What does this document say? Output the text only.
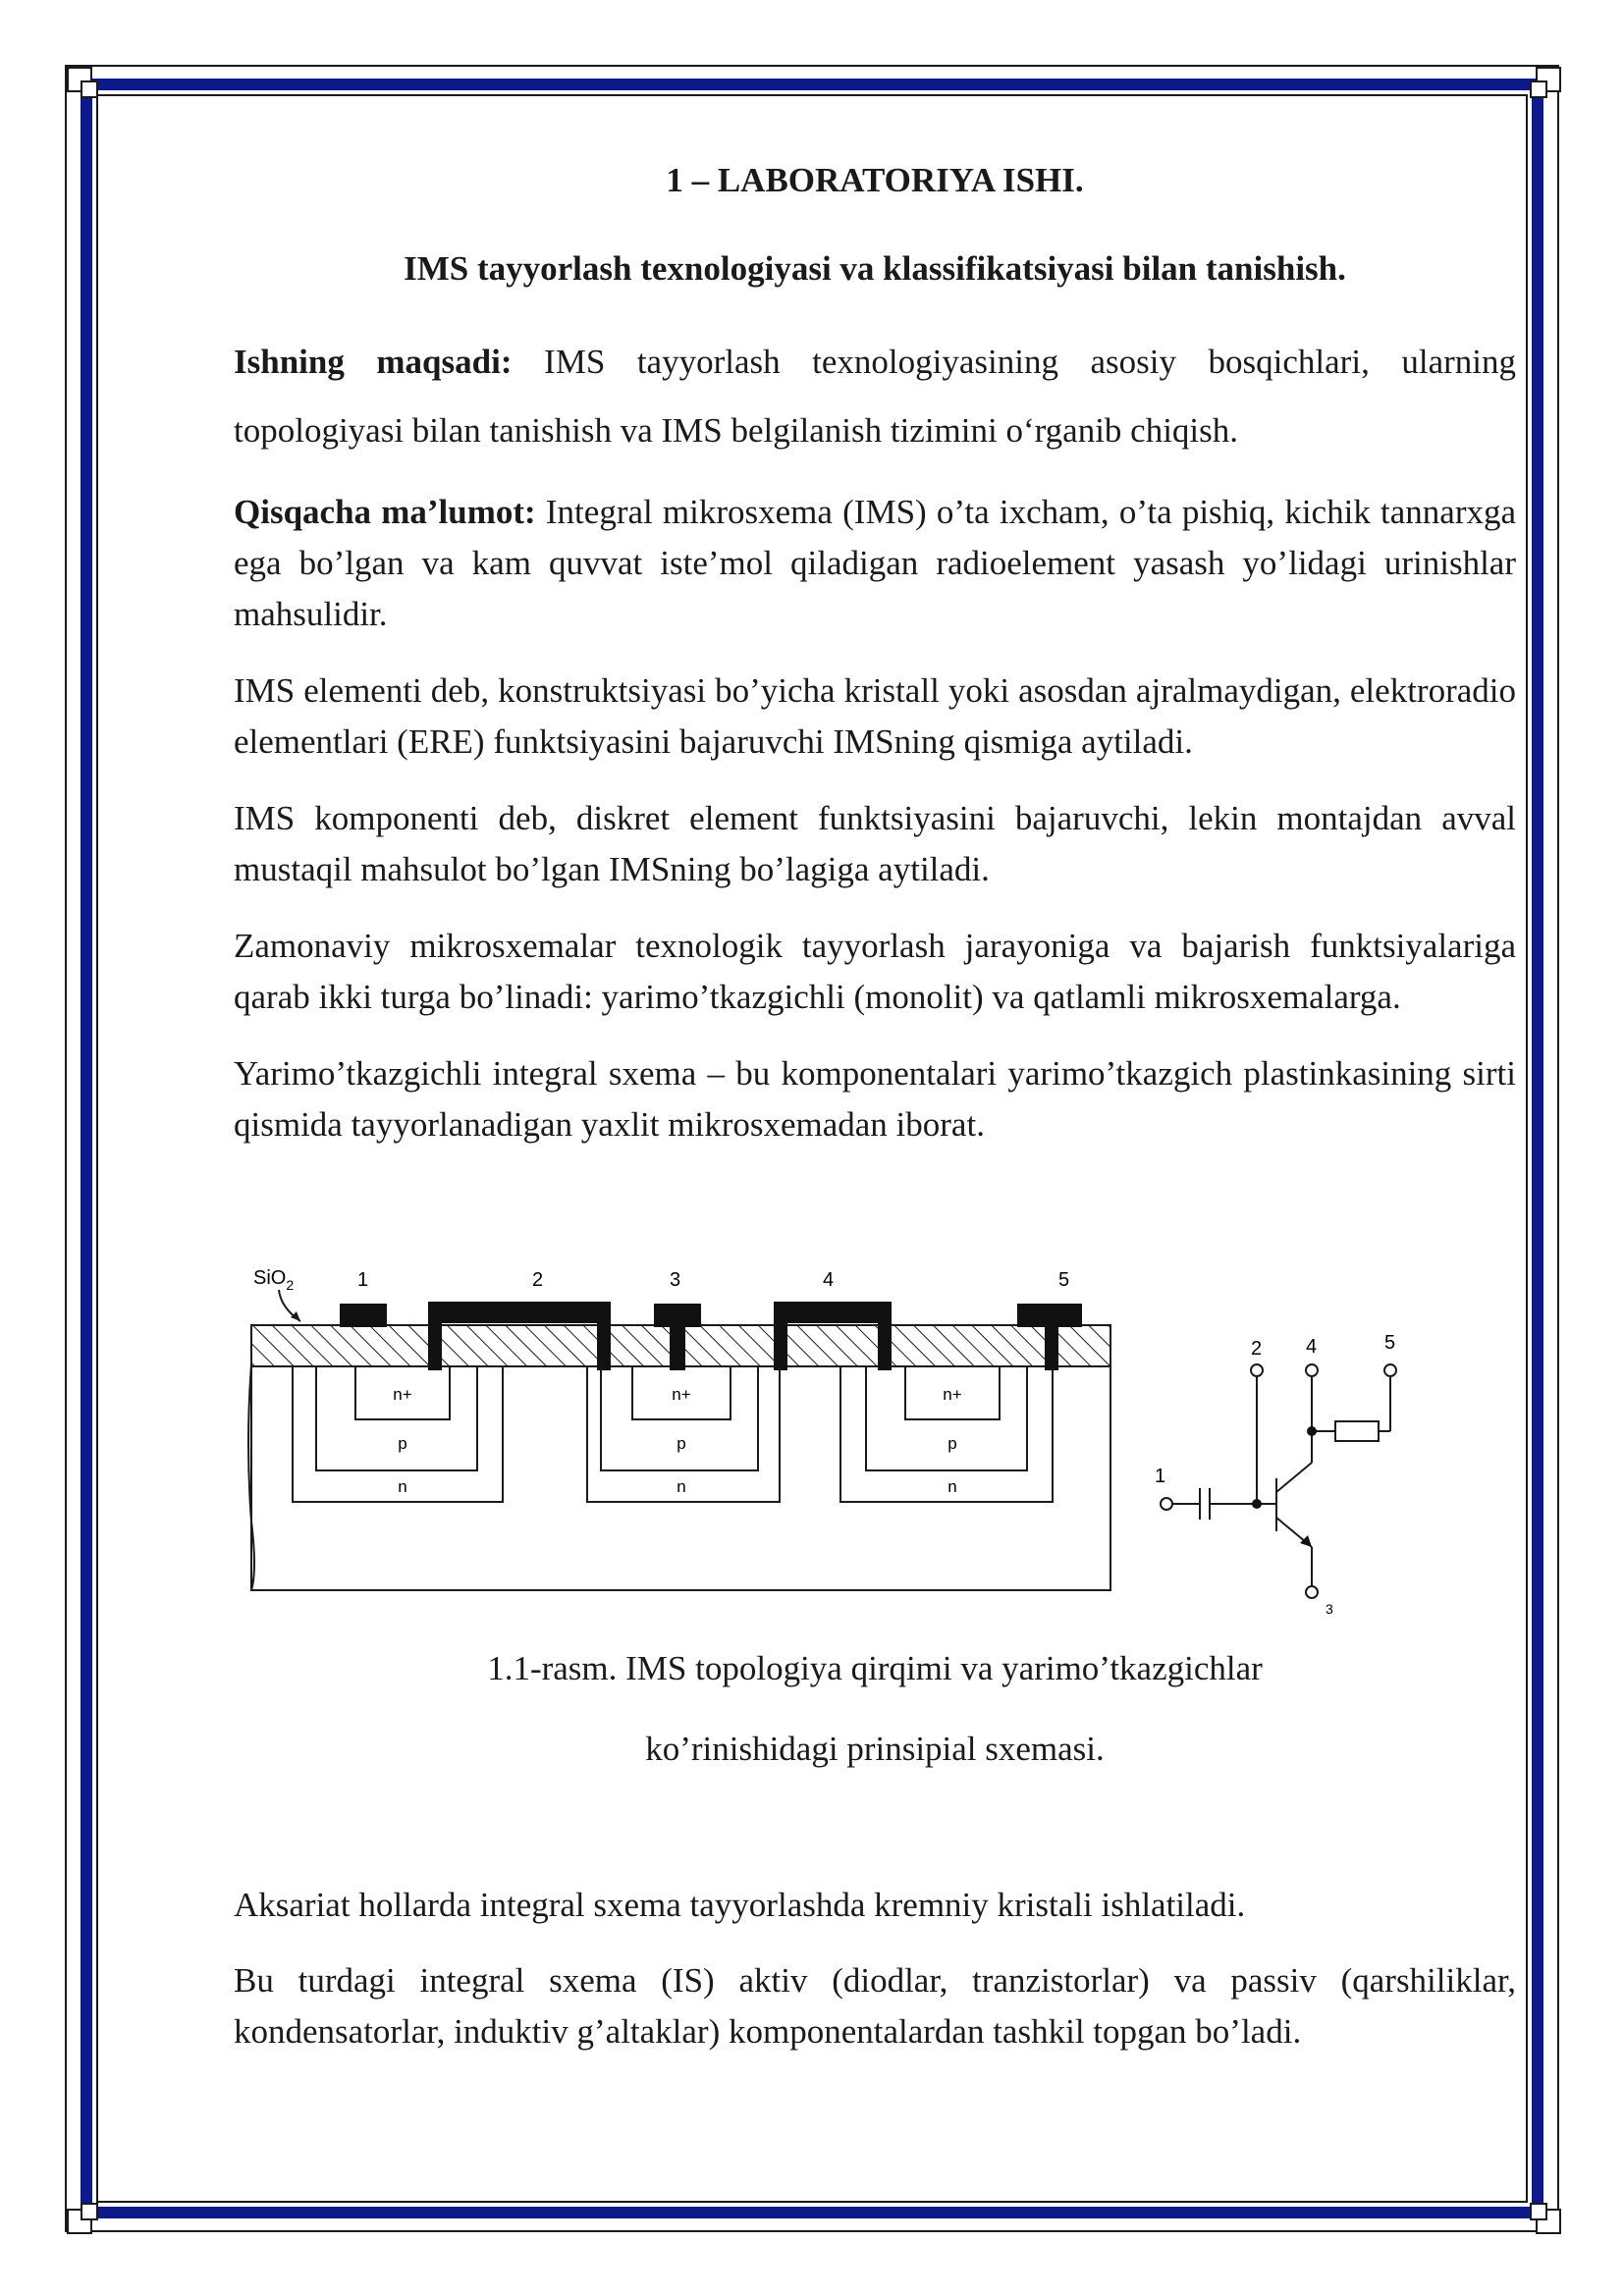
1 – LABORATORIYA ISHI.
IMS tayyorlash texnologiyasi va klassifikatsiyasi bilan tanishish.

Ishning maqsadi: IMS tayyorlash texnologiyasining asosiy bosqichlari, ularning topologiyasi bilan tanishish va IMS belgilanish tizimini o‘rganib chiqish.

Qisqacha ma’lumot: Integral mikrosxema (IMS) o’ta ixcham, o’ta pishiq, kichik tannarxga ega bo’lgan va kam quvvat iste’mol qiladigan radioelement yasash yo’lidagi urinishlar mahsulidir.

IMS elementi deb, konstruktsiyasi bo’yicha kristall yoki asosdan ajralmaydigan, elektroradio elementlari (ERE) funktsiyasini bajaruvchi IMSning qismiga aytiladi.

IMS komponenti deb, diskret element funktsiyasini bajaruvchi, lekin montajdan avval mustaqil mahsulot bo’lgan IMSning bo’lagiga aytiladi.

Zamonaviy mikrosxemalar texnologik tayyorlash jarayoniga va bajarish funktsiyalariga qarab ikki turga bo’linadi: yarimo’tkazgichli (monolit) va qatlamli mikrosxemalarga.

Yarimo’tkazgichli integral sxema – bu komponentalari yarimo’tkazgich plastinkasining sirti qismida tayyorlanadigan yaxlit mikrosxemadan iborat.

SiO$_2$	1	2	3	4	5
n+
p
n
n+
p
n
n+
p
n	1
2 4	5
3
1.1-rasm. IMS topologiya qirqimi va yarimo’tkazgichlar
ko’rinishidagi prinsipial sxemasi.

Aksariat hollarda integral sxema tayyorlashda kremniy kristali ishlatiladi.

Bu turdagi integral sxema (IS) aktiv (diodlar, tranzistorlar) va passiv (qarshiliklar, kondensatorlar, induktiv g’altaklar) komponentalardan tashkil topgan bo’ladi.
